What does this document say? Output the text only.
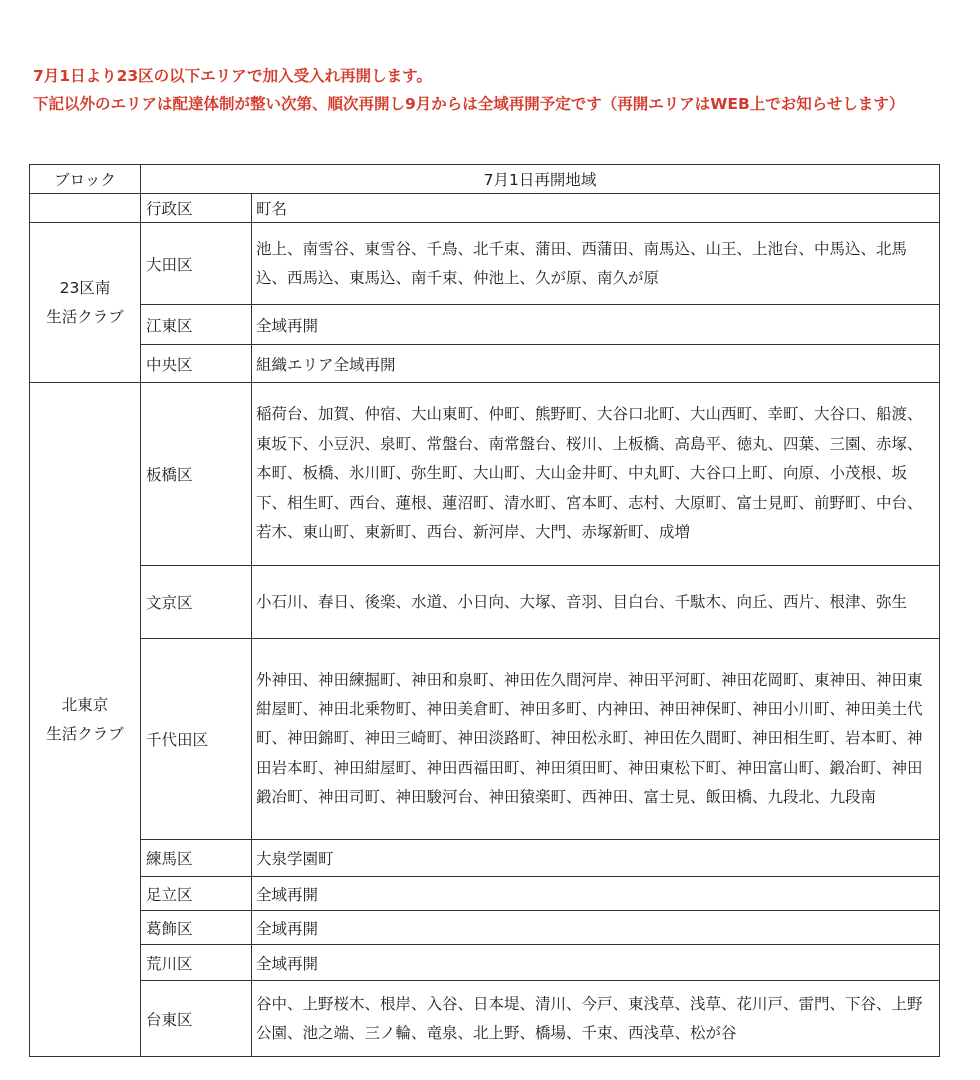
7月1日より23区の以下エリアで加入受入れ再開します。

下記以外のエリアは配達体制が整い次第、順次再開し9月からは全域再開予定です（再開エリアはWEB上でお知らせします）

ブロック	7月1日再開地域	
	行政区	町名

23区南
生活クラブ	大田区	池上、南雪谷、東雪谷、千鳥、北千束、蒲田、西蒲田、南馬込、山王、上池台、中馬込、北馬込、西馬込、東馬込、南千束、仲池上、久が原、南久が原
	江東区	全域再開
	中央区	組織エリア全域再開

北東京
生活クラブ	板橋区	稲荷台、加賀、仲宿、大山東町、仲町、熊野町、大谷口北町、大山西町、幸町、大谷口、船渡、東坂下、小豆沢、泉町、常盤台、南常盤台、桜川、上板橋、高島平、徳丸、四葉、三園、赤塚、本町、板橋、氷川町、弥生町、大山町、大山金井町、中丸町、大谷口上町、向原、小茂根、坂下、相生町、西台、蓮根、蓮沼町、清水町、宮本町、志村、大原町、富士見町、前野町、中台、若木、東山町、東新町、西台、新河岸、大門、赤塚新町、成増
	文京区	小石川、春日、後楽、水道、小日向、大塚、音羽、目白台、千駄木、向丘、西片、根津、弥生
	千代田区	外神田、神田練掘町、神田和泉町、神田佐久間河岸、神田平河町、神田花岡町、東神田、神田東紺屋町、神田北乗物町、神田美倉町、神田多町、内神田、神田神保町、神田小川町、神田美土代町、神田錦町、神田三崎町、神田淡路町、神田松永町、神田佐久間町、神田相生町、岩本町、神田岩本町、神田紺屋町、神田西福田町、神田須田町、神田東松下町、神田富山町、鍛冶町、神田鍛冶町、神田司町、神田駿河台、神田猿楽町、西神田、富士見、飯田橋、九段北、九段南
	練馬区	大泉学園町
	足立区	全域再開
	葛飾区	全域再開
	荒川区	全域再開
	台東区	谷中、上野桜木、根岸、入谷、日本堤、清川、今戸、東浅草、浅草、花川戸、雷門、下谷、上野公園、池之端、三ノ輪、竜泉、北上野、橋場、千束、西浅草、松が谷
